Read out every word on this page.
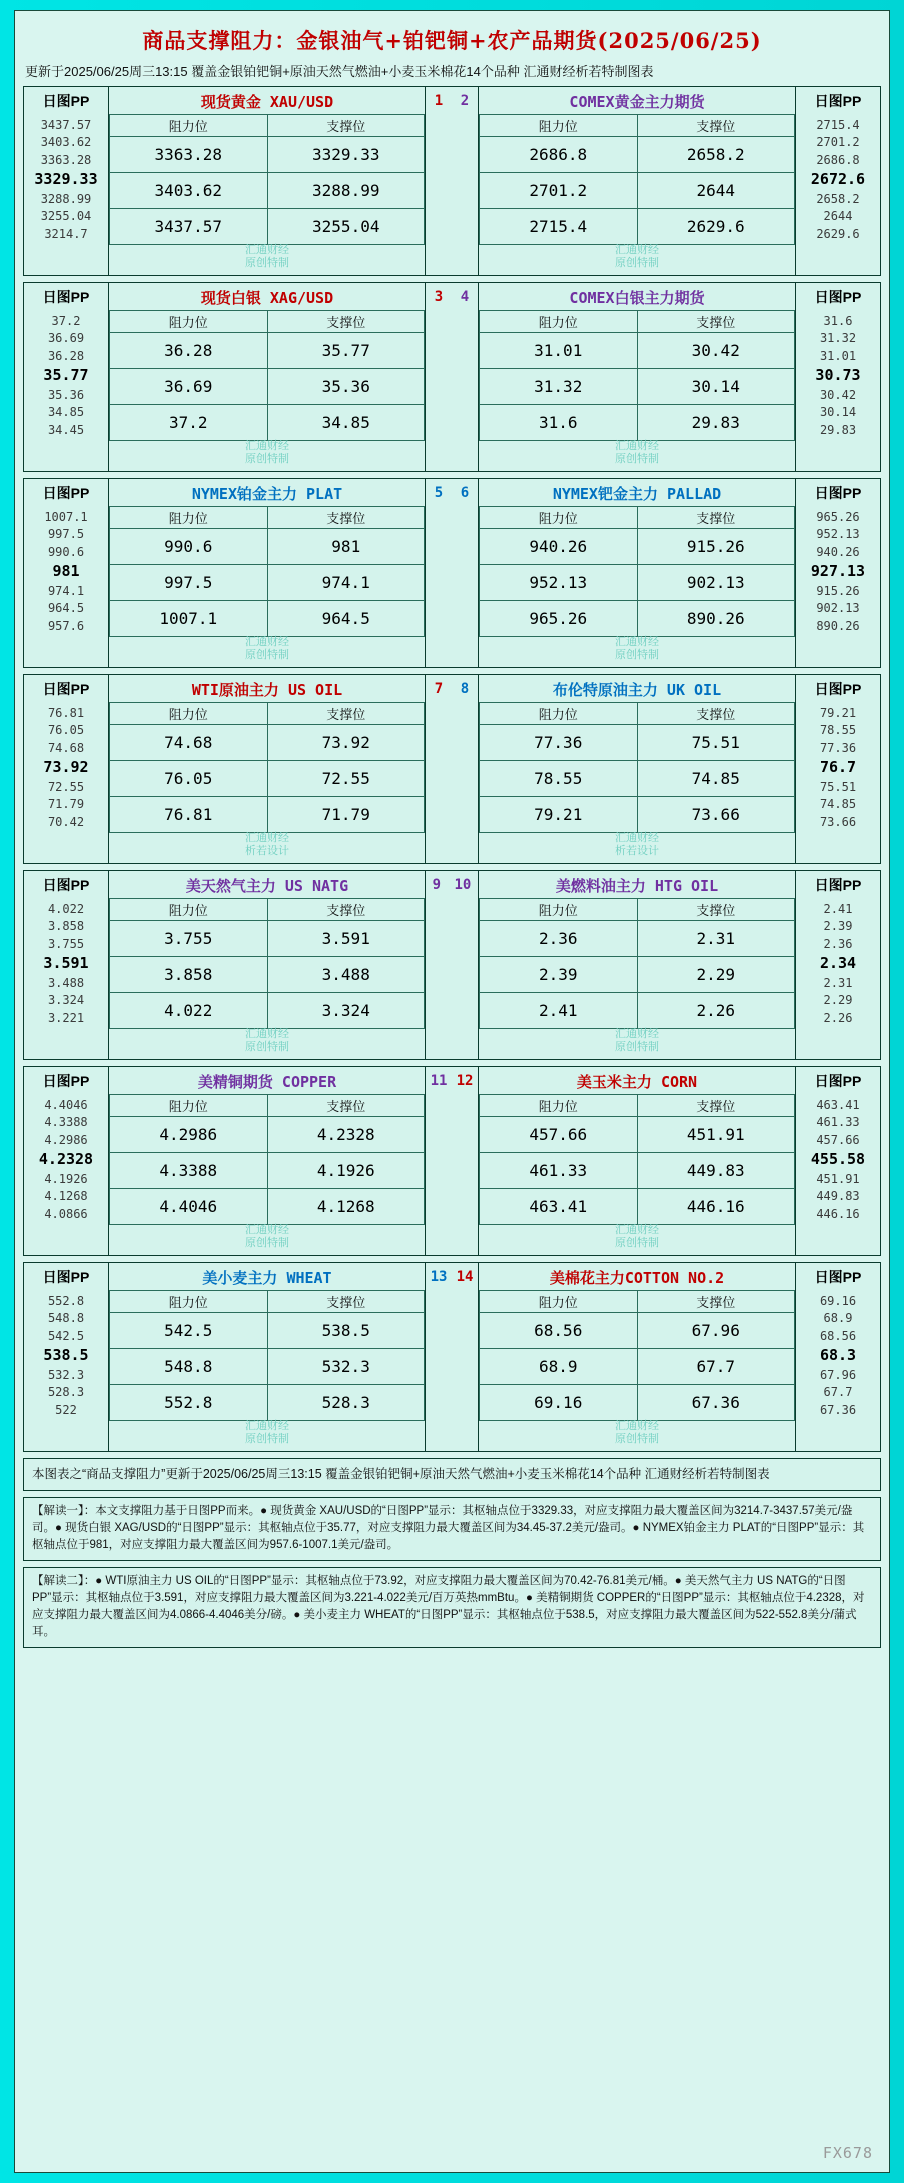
商品支撑阻力：金银油气+铂钯铜+农产品期货(2025/06/25)
更新于2025/06/25周三13:15 覆盖金银铂钯铜+原油天然气燃油+小麦玉米棉花14个品种 汇通财经析若特制图表
日图PP
3437.57
3403.62
3363.28
3329.33
3288.99
3255.04
3214.7
现货黄金 XAU/USD
阻力位	支撑位
3363.28	3329.33
3403.62	3288.99
3437.57	3255.04
汇通财经
原创特制
1 2	COMEX黄金主力期货
阻力位	支撑位
2686.8	2658.2
2701.2	2644
2715.4	2629.6
汇通财经
原创特制
日图PP
2715.4
2701.2
2686.8
2672.6
2658.2
2644
2629.6
日图PP
37.2
36.69
36.28
35.77
35.36
34.85
34.45
现货白银 XAG/USD
阻力位	支撑位
36.28	35.77
36.69	35.36
37.2	34.85
汇通财经
原创特制
3 4	COMEX白银主力期货
阻力位	支撑位
31.01	30.42
31.32	30.14
31.6	29.83
汇通财经
原创特制
日图PP
31.6
31.32
31.01
30.73
30.42
30.14
29.83
日图PP
1007.1
997.5
990.6
981
974.1
964.5
957.6
NYMEX铂金主力 PLAT
阻力位	支撑位
990.6	981
997.5	974.1
1007.1	964.5
汇通财经
原创特制
5 6	NYMEX钯金主力 PALLAD
阻力位	支撑位
940.26	915.26
952.13	902.13
965.26	890.26
汇通财经
原创特制
日图PP
965.26
952.13
940.26
927.13
915.26
902.13
890.26
日图PP
76.81
76.05
74.68
73.92
72.55
71.79
70.42
WTI原油主力 US OIL
阻力位	支撑位
74.68	73.92
76.05	72.55
76.81	71.79
汇通财经
析若设计
7 8	布伦特原油主力 UK OIL
阻力位	支撑位
77.36	75.51
78.55	74.85
79.21	73.66
汇通财经
析若设计
日图PP
79.21
78.55
77.36
76.7
75.51
74.85
73.66
日图PP
4.022
3.858
3.755
3.591
3.488
3.324
3.221
美天然气主力 US NATG
阻力位	支撑位
3.755	3.591
3.858	3.488
4.022	3.324
汇通财经
原创特制
9 10	美燃料油主力 HTG OIL
阻力位	支撑位
2.36	2.31
2.39	2.29
2.41	2.26
汇通财经
原创特制
日图PP
2.41
2.39
2.36
2.34
2.31
2.29
2.26
日图PP
4.4046
4.3388
4.2986
4.2328
4.1926
4.1268
4.0866
美精铜期货 COPPER
阻力位	支撑位
4.2986	4.2328
4.3388	4.1926
4.4046	4.1268
汇通财经
原创特制
11 12	美玉米主力 CORN
阻力位	支撑位
457.66	451.91
461.33	449.83
463.41	446.16
汇通财经
原创特制
日图PP
463.41
461.33
457.66
455.58
451.91
449.83
446.16
日图PP
552.8
548.8
542.5
538.5
532.3
528.3
522
美小麦主力 WHEAT
阻力位	支撑位
542.5	538.5
548.8	532.3
552.8	528.3
汇通财经
原创特制
13 14	美棉花主力COTTON NO.2
阻力位	支撑位
68.56	67.96
68.9	67.7
69.16	67.36
汇通财经
原创特制
日图PP
69.16
68.9
68.56
68.3
67.96
67.7
67.36
本图表之“商品支撑阻力”更新于2025/06/25周三13:15 覆盖金银铂钯铜+原油天然气燃油+小麦玉米棉花14个品种 汇通财经析若特制图表
【解读一】：本文支撑阻力基于日图PP而来。● 现货黄金 XAU/USD的“日图PP”显示：其枢轴点位于3329.33，对应支撑阻力最大覆盖区间为3214.7-3437.57美元/盎司。● 现货白银 XAG/USD的“日图PP”显示：其枢轴点位于35.77，对应支撑阻力最大覆盖区间为34.45-37.2美元/盎司。● NYMEX铂金主力 PLAT的“日图PP”显示：其枢轴点位于981，对应支撑阻力最大覆盖区间为957.6-1007.1美元/盎司。
【解读二】：● WTI原油主力 US OIL的“日图PP”显示：其枢轴点位于73.92，对应支撑阻力最大覆盖区间为70.42-76.81美元/桶。● 美天然气主力 US NATG的“日图PP”显示：其枢轴点位于3.591，对应支撑阻力最大覆盖区间为3.221-4.022美元/百万英热mmBtu。● 美精铜期货 COPPER的“日图PP”显示：其枢轴点位于4.2328，对应支撑阻力最大覆盖区间为4.0866-4.4046美分/磅。● 美小麦主力 WHEAT的“日图PP”显示：其枢轴点位于538.5，对应支撑阻力最大覆盖区间为522-552.8美分/蒲式耳。
FX678
